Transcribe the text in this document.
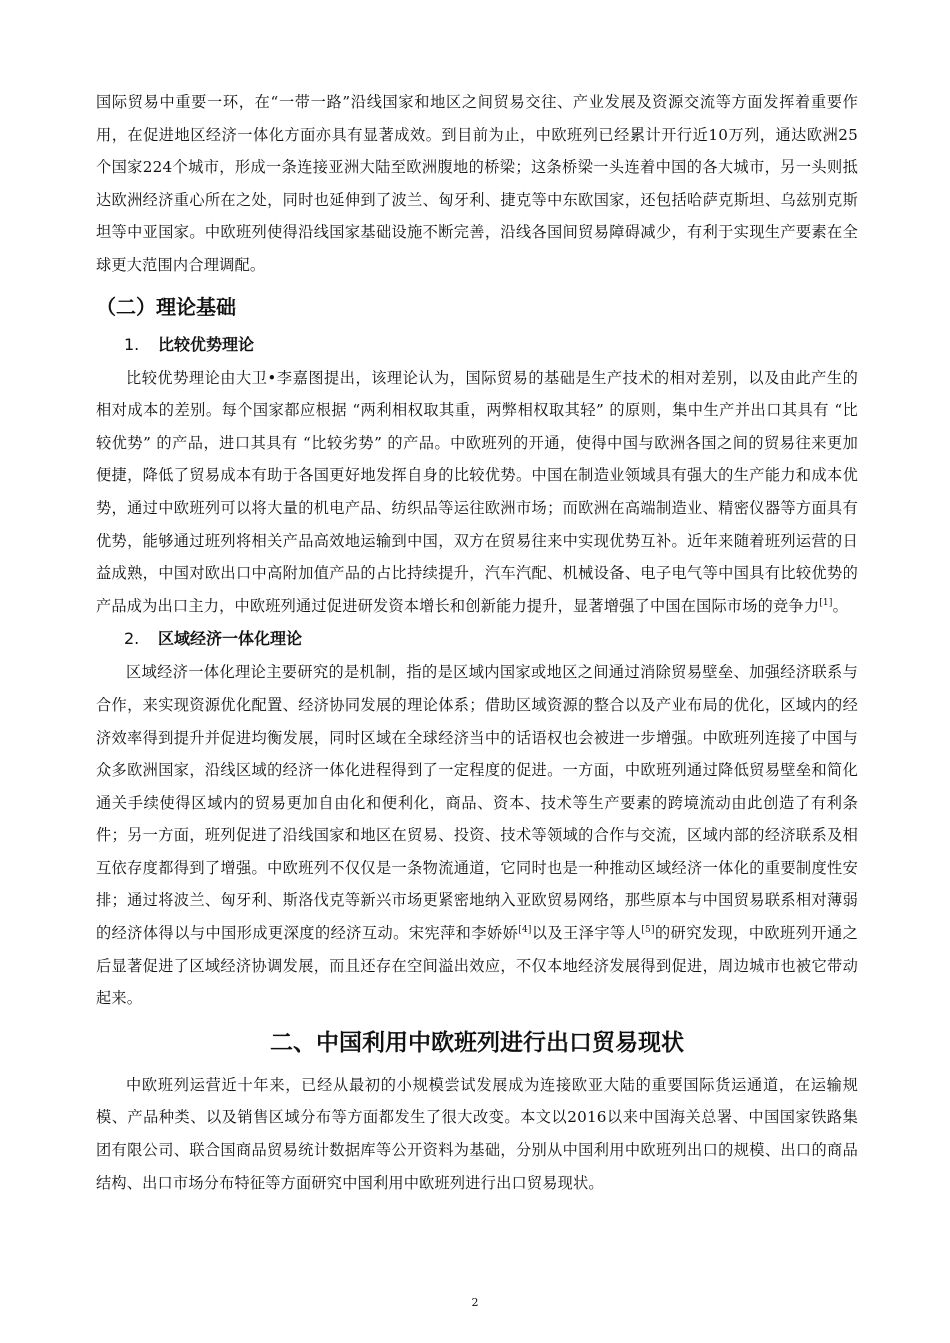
国际贸易中重要一环，在“一带一路”沿线国家和地区之间贸易交往、产业发展及资源交流等方面发挥着重要作用，在促进地区经济一体化方面亦具有显著成效。到目前为止，中欧班列已经累计开行近10万列，通达欧洲25个国家224个城市，形成一条连接亚洲大陆至欧洲腹地的桥梁；这条桥梁一头连着中国的各大城市，另一头则抵达欧洲经济重心所在之处，同时也延伸到了波兰、匈牙利、捷克等中东欧国家，还包括哈萨克斯坦、乌兹别克斯坦等中亚国家。中欧班列使得沿线国家基础设施不断完善，沿线各国间贸易障碍减少，有利于实现生产要素在全球更大范围内合理调配。

（二）理论基础
1. 比较优势理论

比较优势理论由大卫•李嘉图提出，该理论认为，国际贸易的基础是生产技术的相对差别，以及由此产生的相对成本的差别。每个国家都应根据 “两利相权取其重，两弊相权取其轻” 的原则，集中生产并出口其具有 “比较优势” 的产品，进口其具有 “比较劣势” 的产品。中欧班列的开通，使得中国与欧洲各国之间的贸易往来更加便捷，降低了贸易成本有助于各国更好地发挥自身的比较优势。中国在制造业领域具有强大的生产能力和成本优势，通过中欧班列可以将大量的机电产品、纺织品等运往欧洲市场；而欧洲在高端制造业、精密仪器等方面具有优势，能够通过班列将相关产品高效地运输到中国，双方在贸易往来中实现优势互补。近年来随着班列运营的日益成熟，中国对欧出口中高附加值产品的占比持续提升，汽车汽配、机械设备、电子电气等中国具有比较优势的产品成为出口主力，中欧班列通过促进研发资本增长和创新能力提升，显著增强了中国在国际市场的竞争力[1]。

2. 区域经济一体化理论

区域经济一体化理论主要研究的是机制，指的是区域内国家或地区之间通过消除贸易壁垒、加强经济联系与合作，来实现资源优化配置、经济协同发展的理论体系；借助区域资源的整合以及产业布局的优化，区域内的经济效率得到提升并促进均衡发展，同时区域在全球经济当中的话语权也会被进一步增强。中欧班列连接了中国与众多欧洲国家，沿线区域的经济一体化进程得到了一定程度的促进。一方面，中欧班列通过降低贸易壁垒和简化通关手续使得区域内的贸易更加自由化和便利化，商品、资本、技术等生产要素的跨境流动由此创造了有利条件；另一方面，班列促进了沿线国家和地区在贸易、投资、技术等领域的合作与交流，区域内部的经济联系及相互依存度都得到了增强。中欧班列不仅仅是一条物流通道，它同时也是一种推动区域经济一体化的重要制度性安排；通过将波兰、匈牙利、斯洛伐克等新兴市场更紧密地纳入亚欧贸易网络，那些原本与中国贸易联系相对薄弱的经济体得以与中国形成更深度的经济互动。宋宪萍和李娇娇[4]以及王泽宇等人[5]的研究发现，中欧班列开通之后显著促进了区域经济协调发展，而且还存在空间溢出效应，不仅本地经济发展得到促进，周边城市也被它带动起来。

二、中国利用中欧班列进行出口贸易现状

中欧班列运营近十年来，已经从最初的小规模尝试发展成为连接欧亚大陆的重要国际货运通道，在运输规模、产品种类、以及销售区域分布等方面都发生了很大改变。本文以2016以来中国海关总署、中国国家铁路集团有限公司、联合国商品贸易统计数据库等公开资料为基础，分别从中国利用中欧班列出口的规模、出口的商品结构、出口市场分布特征等方面研究中国利用中欧班列进行出口贸易现状。

2
